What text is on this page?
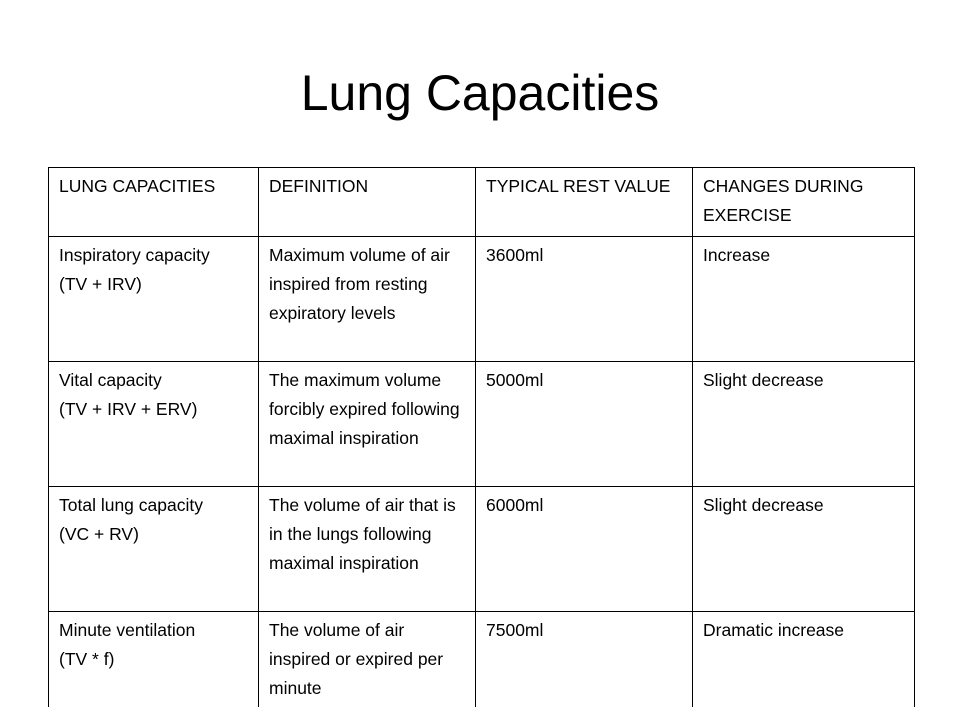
Lung Capacities
LUNG CAPACITIES	DEFINITION	TYPICAL REST VALUE	CHANGES DURING EXERCISE

Inspiratory capacity
(TV + IRV)	Maximum volume of air inspired from resting expiratory levels	3600ml	Increase

Vital capacity
(TV + IRV + ERV)	The maximum volume forcibly expired following maximal inspiration	5000ml	Slight decrease

Total lung capacity
(VC + RV)	The volume of air that is in the lungs following maximal inspiration	6000ml	Slight decrease

Minute ventilation
(TV * f)	The volume of air inspired or expired per minute	7500ml	Dramatic increase
